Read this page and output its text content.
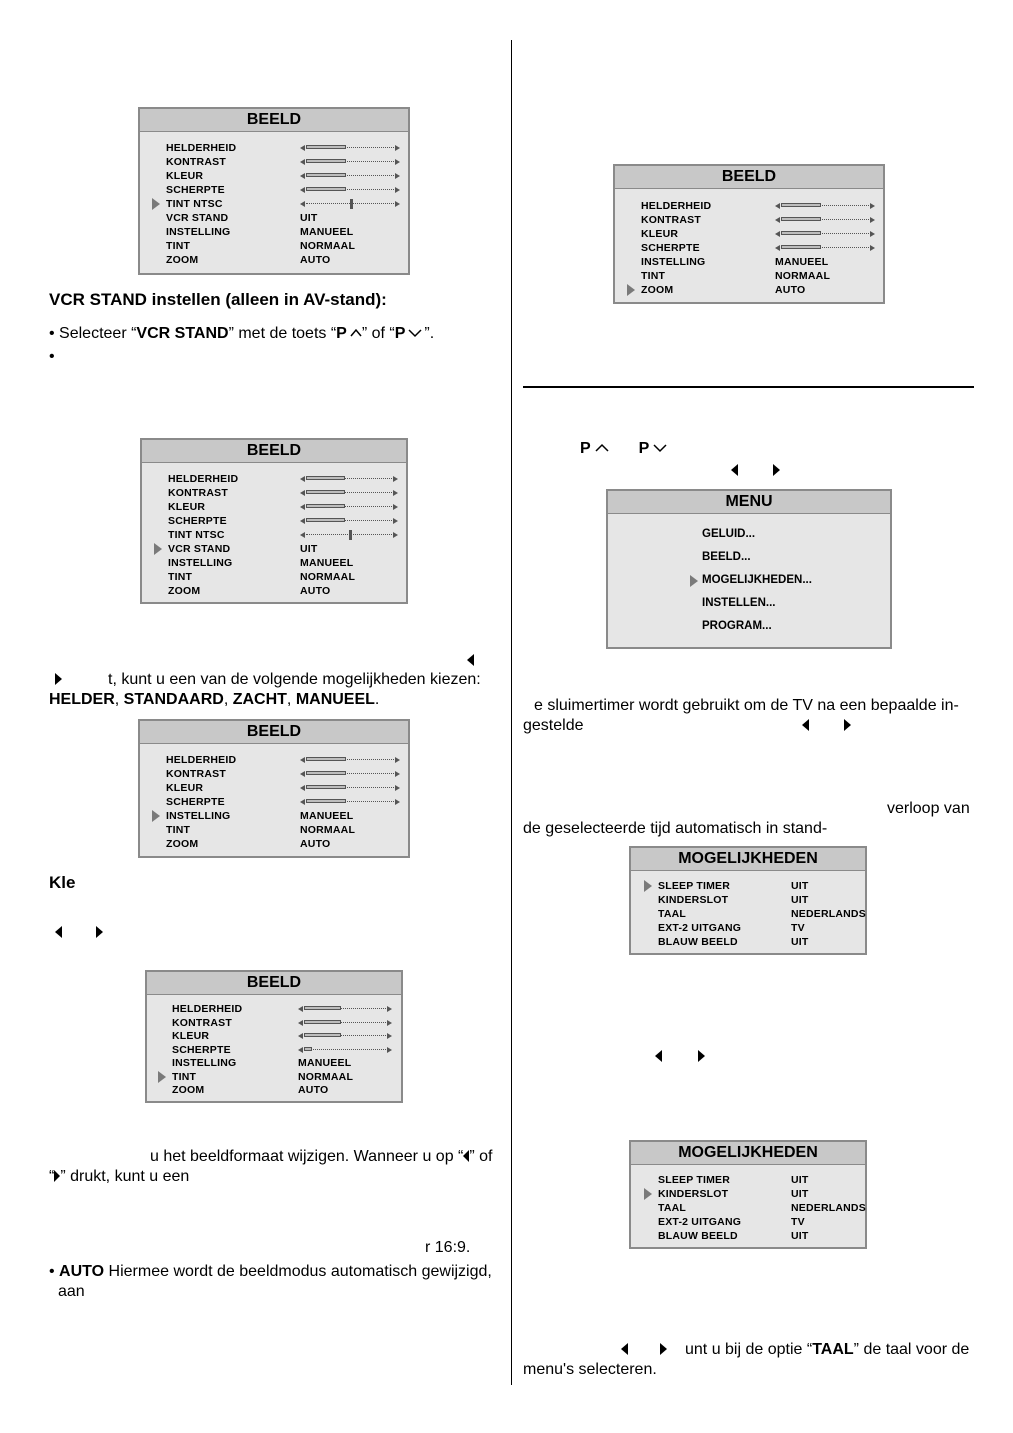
BEELD
HELDERHEID
KONTRAST
KLEUR
SCHERPTE
TINT NTSC
VCR STAND	UIT
INSTELLING	MANUEEL
TINT	NORMAAL
ZOOM	AUTO
VCR STAND instellen (alleen in AV-stand):
• Selecteer “VCR STAND” met de toets “P ” of “P ”.
•
BEELD
HELDERHEID
KONTRAST
KLEUR
SCHERPTE
TINT NTSC
VCR STAND	UIT
INSTELLING	MANUEEL
TINT	NORMAAL
ZOOM	AUTO
t, kunt u een van de volgende mogelijkheden kiezen:
HELDER, STANDAARD, ZACHT, MANUEEL.
BEELD
HELDERHEID
KONTRAST
KLEUR
SCHERPTE
INSTELLING	MANUEEL
TINT	NORMAAL
ZOOM	AUTO
Kle
BEELD
HELDERHEID
KONTRAST
KLEUR
SCHERPTE
INSTELLING	MANUEEL
TINT	NORMAAL
ZOOM	AUTO
u het beeldformaat wijzigen. Wanneer u op “ ” of
“ ” drukt, kunt u een
r 16:9.
• AUTO Hiermee wordt de beeldmodus automatisch gewijzigd,
aan
BEELD
HELDERHEID
KONTRAST
KLEUR
SCHERPTE
INSTELLING	MANUEEL
TINT	NORMAAL
ZOOM	AUTO
P	P
MENU
GELUID...
BEELD...
MOGELIJKHEDEN...
INSTELLEN...
PROGRAM...
e sluimertimer wordt gebruikt om de TV na een bepaalde in-
gestelde
verloop van
de geselecteerde tijd automatisch in stand-
MOGELIJKHEDEN
SLEEP TIMER	UIT
KINDERSLOT	UIT
TAAL	NEDERLANDS
EXT-2 UITGANG	TV
BLAUW BEELD	UIT
MOGELIJKHEDEN
SLEEP TIMER	UIT
KINDERSLOT	UIT
TAAL	NEDERLANDS
EXT-2 UITGANG	TV
BLAUW BEELD	UIT
unt u bij de optie “TAAL” de taal voor de
menu's selecteren.
